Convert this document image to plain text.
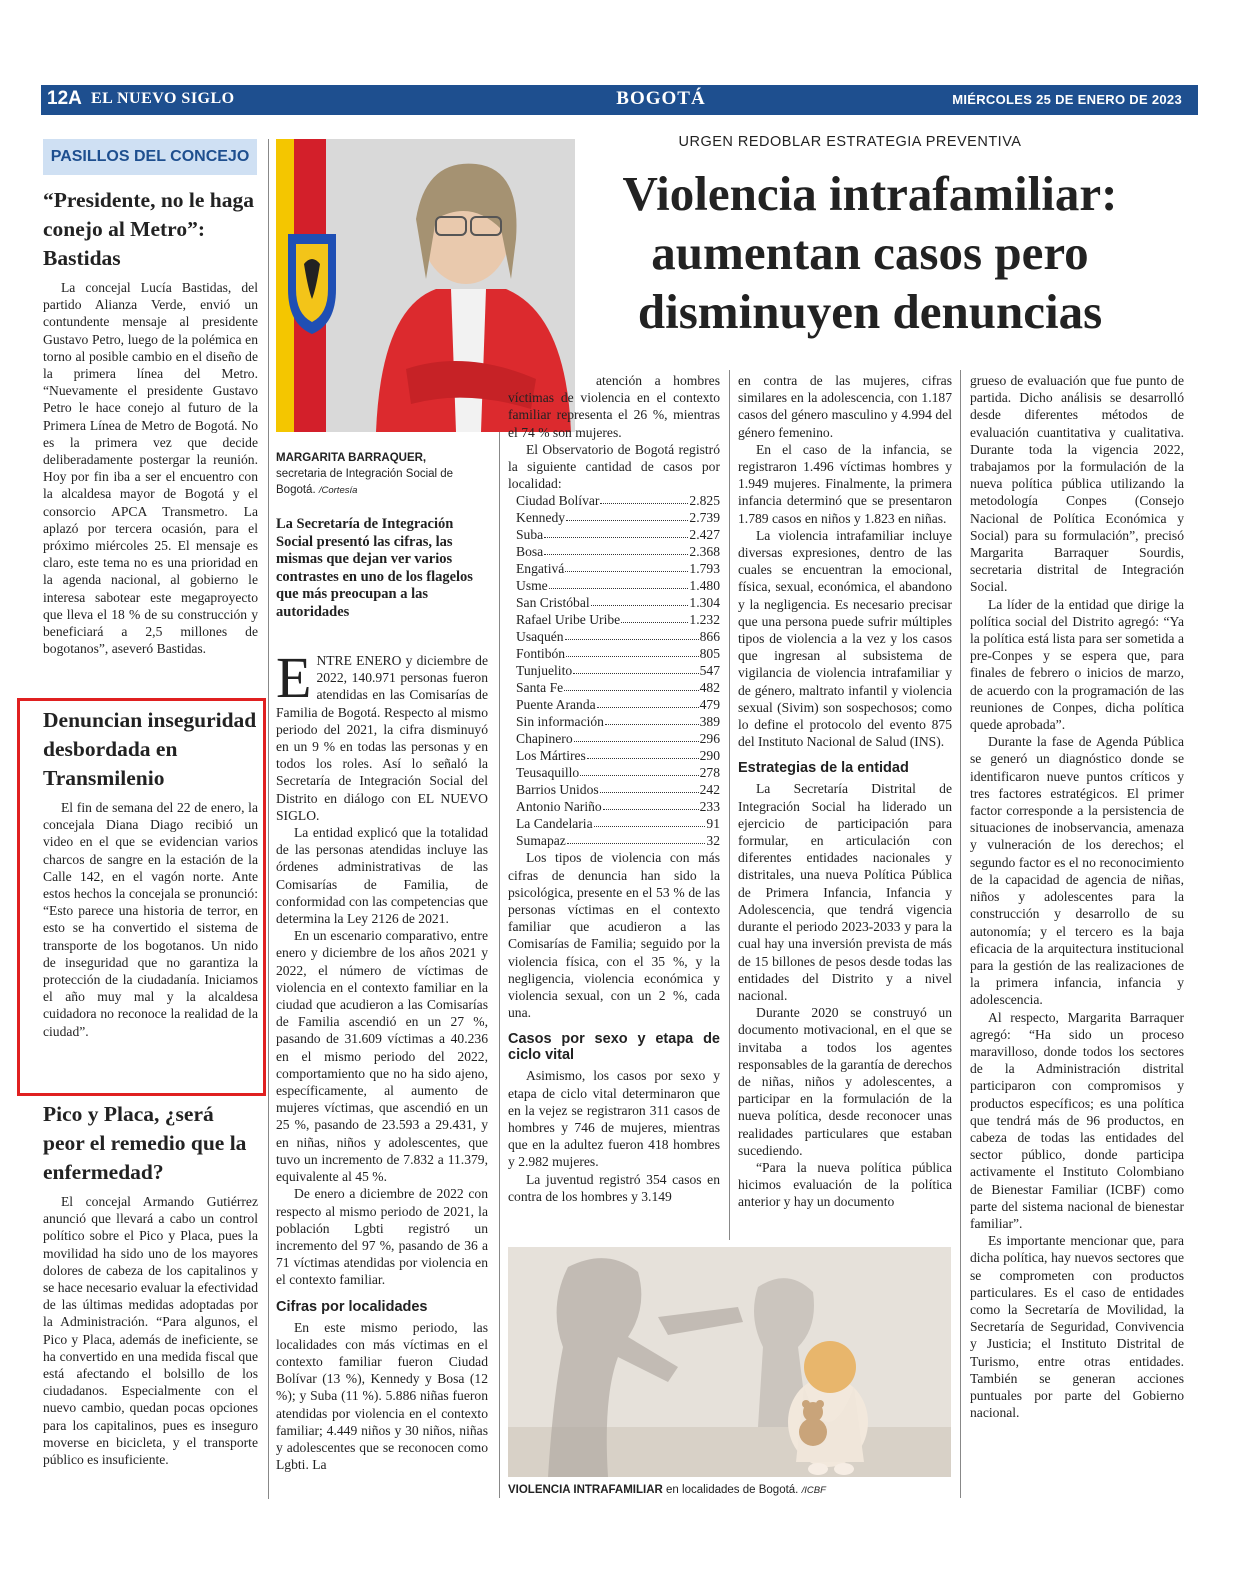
12A EL NUEVO SIGLO	BOGOTÁ	MIÉRCOLES 25 DE ENERO DE 2023
PASILLOS DEL CONCEJO
“Presidente, no le haga conejo al Metro”: Bastidas

La concejal Lucía Bastidas, del partido Alianza Verde, envió un contundente mensaje al presidente Gustavo Petro, luego de la polémica en torno al posible cambio en el diseño de la primera línea del Metro. “Nuevamente el presidente Gustavo Petro le hace conejo al futuro de la Primera Línea de Metro de Bogotá. No es la primera vez que decide deliberadamente postergar la reunión. Hoy por fin iba a ser el encuentro con la alcaldesa mayor de Bogotá y el consorcio APCA Transmetro. La aplazó por tercera ocasión, para el próximo miércoles 25. El mensaje es claro, este tema no es una prioridad en la agenda nacional, al gobierno le interesa sabotear este megaproyecto que lleva el 18 % de su construcción y beneficiará a 2,5 millones de bogotanos”, aseveró Bastidas.

Denuncian inseguridad desbordada en Transmilenio

El fin de semana del 22 de enero, la concejala Diana Diago recibió un video en el que se evidencian varios charcos de sangre en la estación de la Calle 142, en el vagón norte. Ante estos hechos la concejala se pronunció: “Esto parece una historia de terror, en esto se ha convertido el sistema de transporte de los bogotanos. Un nido de inseguridad que no garantiza la protección de la ciudadanía. Iniciamos el año muy mal y la alcaldesa cuidadora no reconoce la realidad de la ciudad”.

Pico y Placa, ¿será peor el remedio que la enfermedad?

El concejal Armando Gutiérrez anunció que llevará a cabo un control político sobre el Pico y Placa, pues la movilidad ha sido uno de los mayores dolores de cabeza de los capitalinos y se hace necesario evaluar la efectividad de las últimas medidas adoptadas por la Administración. “Para algunos, el Pico y Placa, además de ineficiente, se ha convertido en una medida fiscal que está afectando el bolsillo de los ciudadanos. Especialmente con el nuevo cambio, quedan pocas opciones para los capitalinos, pues es inseguro moverse en bicicleta, y el transporte público es insuficiente.

URGEN REDOBLAR ESTRATEGIA PREVENTIVA
Violencia intrafamiliar: aumentan casos pero disminuyen denuncias
MARGARITA BARRAQUER,
secretaria de Integración Social de Bogotá. /Cortesía
La Secretaría de Integración Social presentó las cifras, las mismas que dejan ver varios contrastes en uno de los flagelos que más preocupan a las autoridades

ENTRE ENERO y diciembre de 2022, 140.971 personas fueron atendidas en las Comisarías de Familia de Bogotá. Respecto al mismo periodo del 2021, la cifra disminuyó en un 9 % en todas las personas y en todos los roles. Así lo señaló la Secretaría de Integración Social del Distrito en diálogo con EL NUEVO SIGLO.

La entidad explicó que la totalidad de las personas atendidas incluye las órdenes administrativas de las Comisarías de Familia, de conformidad con las competencias que determina la Ley 2126 de 2021.

En un escenario comparativo, entre enero y diciembre de los años 2021 y 2022, el número de víctimas de violencia en el contexto familiar en la ciudad que acudieron a las Comisarías de Familia ascendió en un 27 %, pasando de 31.609 víctimas a 40.236 en el mismo periodo del 2022, comportamiento que no ha sido ajeno, específicamente, al aumento de mujeres víctimas, que ascendió en un 25 %, pasando de 23.593 a 29.431, y en niñas, niños y adolescentes, que tuvo un incremento de 7.832 a 11.379, equivalente al 45 %.

De enero a diciembre de 2022 con respecto al mismo periodo de 2021, la población Lgbti registró un incremento del 97 %, pasando de 36 a 71 víctimas atendidas por violencia en el contexto familiar.

Cifras por localidades

En este mismo periodo, las localidades con más víctimas en el contexto familiar fueron Ciudad Bolívar (13 %), Kennedy y Bosa (12 %); y Suba (11 %). 5.886 niñas fueron atendidas por violencia en el contexto familiar; 4.449 niños y 30 niños, niñas y adolescentes que se reconocen como Lgbti. La

atención a hombres víctimas de violencia en el contexto familiar representa el 26 %, mientras el 74 % son mujeres.

El Observatorio de Bogotá registró la siguiente cantidad de casos por localidad:

Ciudad Bolívar	2.825
Kennedy	2.739
Suba	2.427
Bosa	2.368
Engativá	1.793
Usme	1.480
San Cristóbal	1.304
Rafael Uribe Uribe	1.232
Usaquén	866
Fontibón	805
Tunjuelito	547
Santa Fe	482
Puente Aranda	479
Sin información	389
Chapinero	296
Los Mártires	290
Teusaquillo	278
Barrios Unidos	242
Antonio Nariño	233
La Candelaria	91
Sumapaz	32

Los tipos de violencia con más cifras de denuncia han sido la psicológica, presente en el 53 % de las personas víctimas en el contexto familiar que acudieron a las Comisarías de Familia; seguido por la violencia física, con el 35 %, y la negligencia, violencia económica y violencia sexual, con un 2 %, cada una.

Casos por sexo y etapa de ciclo vital

Asimismo, los casos por sexo y etapa de ciclo vital determinaron que en la vejez se registraron 311 casos de hombres y 746 de mujeres, mientras que en la adultez fueron 418 hombres y 2.982 mujeres.

La juventud registró 354 casos en contra de los hombres y 3.149

en contra de las mujeres, cifras similares en la adolescencia, con 1.187 casos del género masculino y 4.994 del género femenino.

En el caso de la infancia, se registraron 1.496 víctimas hombres y 1.949 mujeres. Finalmente, la primera infancia determinó que se presentaron 1.789 casos en niños y 1.823 en niñas.

La violencia intrafamiliar incluye diversas expresiones, dentro de las cuales se encuentran la emocional, física, sexual, económica, el abandono y la negligencia. Es necesario precisar que una persona puede sufrir múltiples tipos de violencia a la vez y los casos que ingresan al subsistema de vigilancia de violencia intrafamiliar y de género, maltrato infantil y violencia sexual (Sivim) son sospechosos; como lo define el protocolo del evento 875 del Instituto Nacional de Salud (INS).

Estrategias de la entidad

La Secretaría Distrital de Integración Social ha liderado un ejercicio de participación para formular, en articulación con diferentes entidades nacionales y distritales, una nueva Política Pública de Primera Infancia, Infancia y Adolescencia, que tendrá vigencia durante el periodo 2023-2033 y para la cual hay una inversión prevista de más de 15 billones de pesos desde todas las entidades del Distrito y a nivel nacional.

Durante 2020 se construyó un documento motivacional, en el que se invitaba a todos los agentes responsables de la garantía de derechos de niñas, niños y adolescentes, a participar en la formulación de la nueva política, desde reconocer unas realidades particulares que estaban sucediendo.

“Para la nueva política pública hicimos evaluación de la política anterior y hay un documento

grueso de evaluación que fue punto de partida. Dicho análisis se desarrolló desde diferentes métodos de evaluación cuantitativa y cualitativa. Durante toda la vigencia 2022, trabajamos por la formulación de la nueva política pública utilizando la metodología Conpes (Consejo Nacional de Política Económica y Social) para su formulación”, precisó Margarita Barraquer Sourdis, secretaria distrital de Integración Social.

La líder de la entidad que dirige la política social del Distrito agregó: “Ya la política está lista para ser sometida a pre-Conpes y se espera que, para finales de febrero o inicios de marzo, de acuerdo con la programación de las reuniones de Conpes, dicha política quede aprobada”.

Durante la fase de Agenda Pública se generó un diagnóstico donde se identificaron nueve puntos críticos y tres factores estratégicos. El primer factor corresponde a la persistencia de situaciones de inobservancia, amenaza y vulneración de los derechos; el segundo factor es el no reconocimiento de la capacidad de agencia de niñas, niños y adolescentes para la construcción y desarrollo de su autonomía; y el tercero es la baja eficacia de la arquitectura institucional para la gestión de las realizaciones de la primera infancia, infancia y adolescencia.

Al respecto, Margarita Barraquer agregó: “Ha sido un proceso maravilloso, donde todos los sectores de la Administración distrital participaron con compromisos y productos específicos; es una política que tendrá más de 96 productos, en cabeza de todas las entidades del sector público, donde participa activamente el Instituto Colombiano de Bienestar Familiar (ICBF) como parte del sistema nacional de bienestar familiar”.

Es importante mencionar que, para dicha política, hay nuevos sectores que se comprometen con productos particulares. Es el caso de entidades como la Secretaría de Movilidad, la Secretaría de Seguridad, Convivencia y Justicia; el Instituto Distrital de Turismo, entre otras entidades. También se generan acciones puntuales por parte del Gobierno nacional.

VIOLENCIA INTRAFAMILIAR en localidades de Bogotá. /ICBF
